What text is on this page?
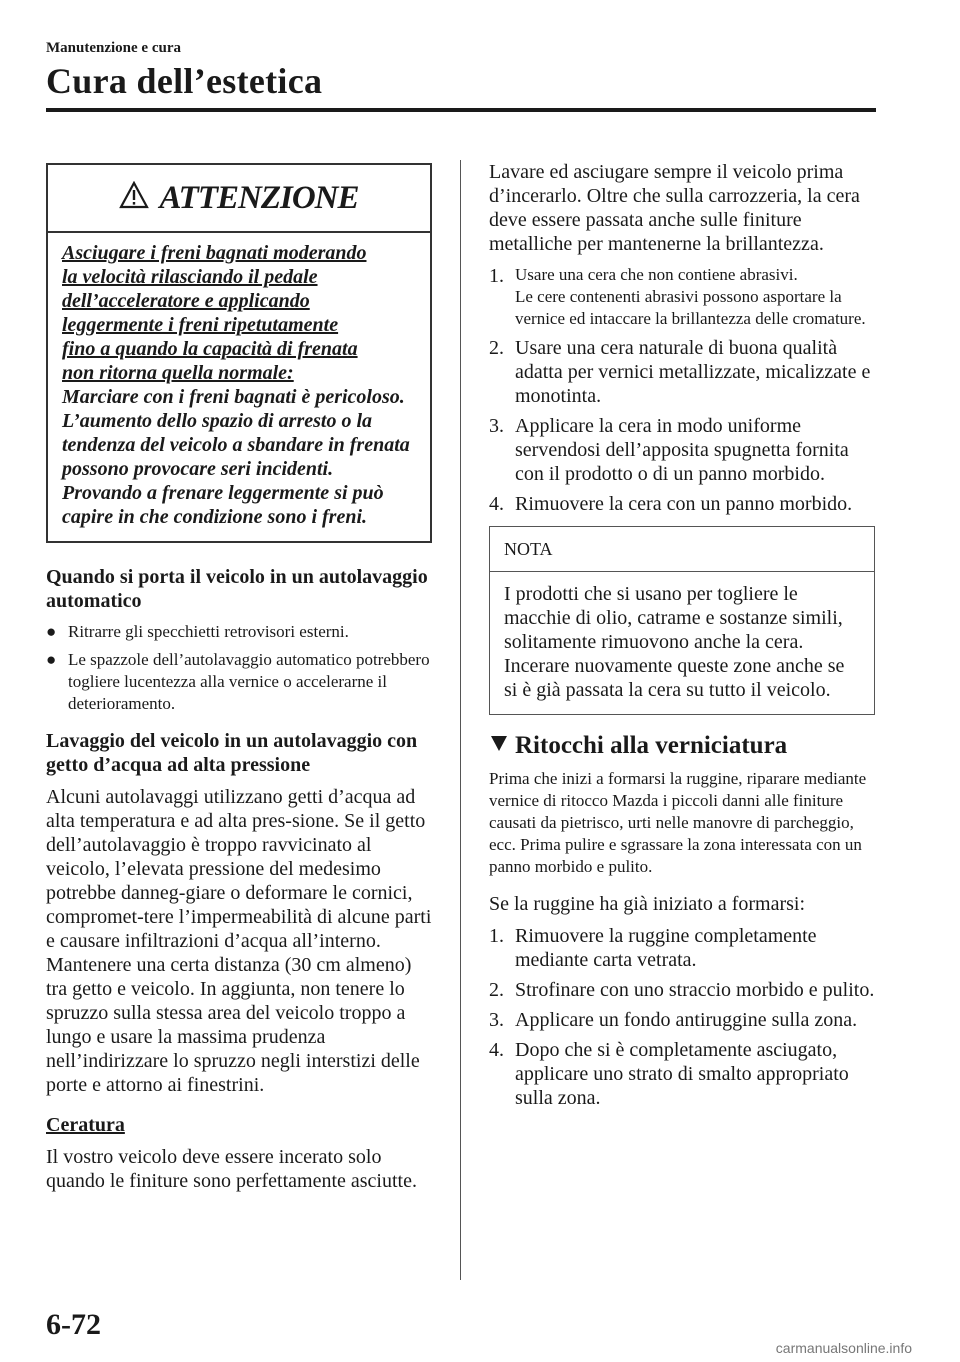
Manutenzione e cura
Cura dell’estetica
ATTENZIONE
Asciugare i freni bagnati moderando
la velocità rilasciando il pedale
dell’acceleratore e applicando
leggermente i freni ripetutamente
fino a quando la capacità di frenata
non ritorna quella normale:
Marciare con i freni bagnati è pericoloso. L’aumento dello spazio di arresto o la tendenza del veicolo a sbandare in frenata possono provocare seri incidenti. Provando a frenare leggermente si può capire in che condizione sono i freni.
Quando si porta il veicolo in un autolavaggio automatico
● Ritrarre gli specchietti retrovisori esterni.
● Le spazzole dell’autolavaggio automatico potrebbero togliere lucentezza alla vernice o accelerarne il deterioramento.
Lavaggio del veicolo in un autolavaggio con getto d’acqua ad alta pressione

Alcuni autolavaggi utilizzano getti d’acqua ad alta temperatura e ad alta pres-sione. Se il getto dell’autolavaggio è troppo ravvicinato al veicolo, l’elevata pressione del medesimo potrebbe danneg-giare o deformare le cornici, compromet-tere l’impermeabilità di alcune parti e causare infiltrazioni d’acqua all’interno. Mantenere una certa distanza (30 cm almeno) tra getto e veicolo. In aggiunta, non tenere lo spruzzo sulla stessa area del veicolo troppo a lungo e usare la massima prudenza nell’indirizzare lo spruzzo negli interstizi delle porte e attorno ai finestrini.

Ceratura

Il vostro veicolo deve essere incerato solo quando le finiture sono perfettamente asciutte.

Lavare ed asciugare sempre il veicolo prima d’incerarlo. Oltre che sulla carrozzeria, la cera deve essere passata anche sulle finiture metalliche per mantenerne la brillantezza.

1. Usare una cera che non contiene abrasivi.
Le cere contenenti abrasivi possono asportare la vernice ed intaccare la brillantezza delle cromature.
2. Usare una cera naturale di buona qualità adatta per vernici metallizzate, micalizzate e monotinta.
3. Applicare la cera in modo uniforme servendosi dell’apposita spugnetta fornita con il prodotto o di un panno morbido.
4. Rimuovere la cera con un panno morbido.
NOTA
I prodotti che si usano per togliere le macchie di olio, catrame e sostanze simili, solitamente rimuovono anche la cera. Incerare nuovamente queste zone anche se si è già passata la cera su tutto il veicolo.
Ritocchi alla verniciatura

Prima che inizi a formarsi la ruggine, riparare mediante vernice di ritocco Mazda i piccoli danni alle finiture causati da pietrisco, urti nelle manovre di parcheggio, ecc. Prima pulire e sgrassare la zona interessata con un panno morbido e pulito.

Se la ruggine ha già iniziato a formarsi:

1. Rimuovere la ruggine completamente mediante carta vetrata.
2. Strofinare con uno straccio morbido e pulito.
3. Applicare un fondo antiruggine sulla zona.
4. Dopo che si è completamente asciugato, applicare uno strato di smalto appropriato sulla zona.
6-72
carmanualsonline.info
